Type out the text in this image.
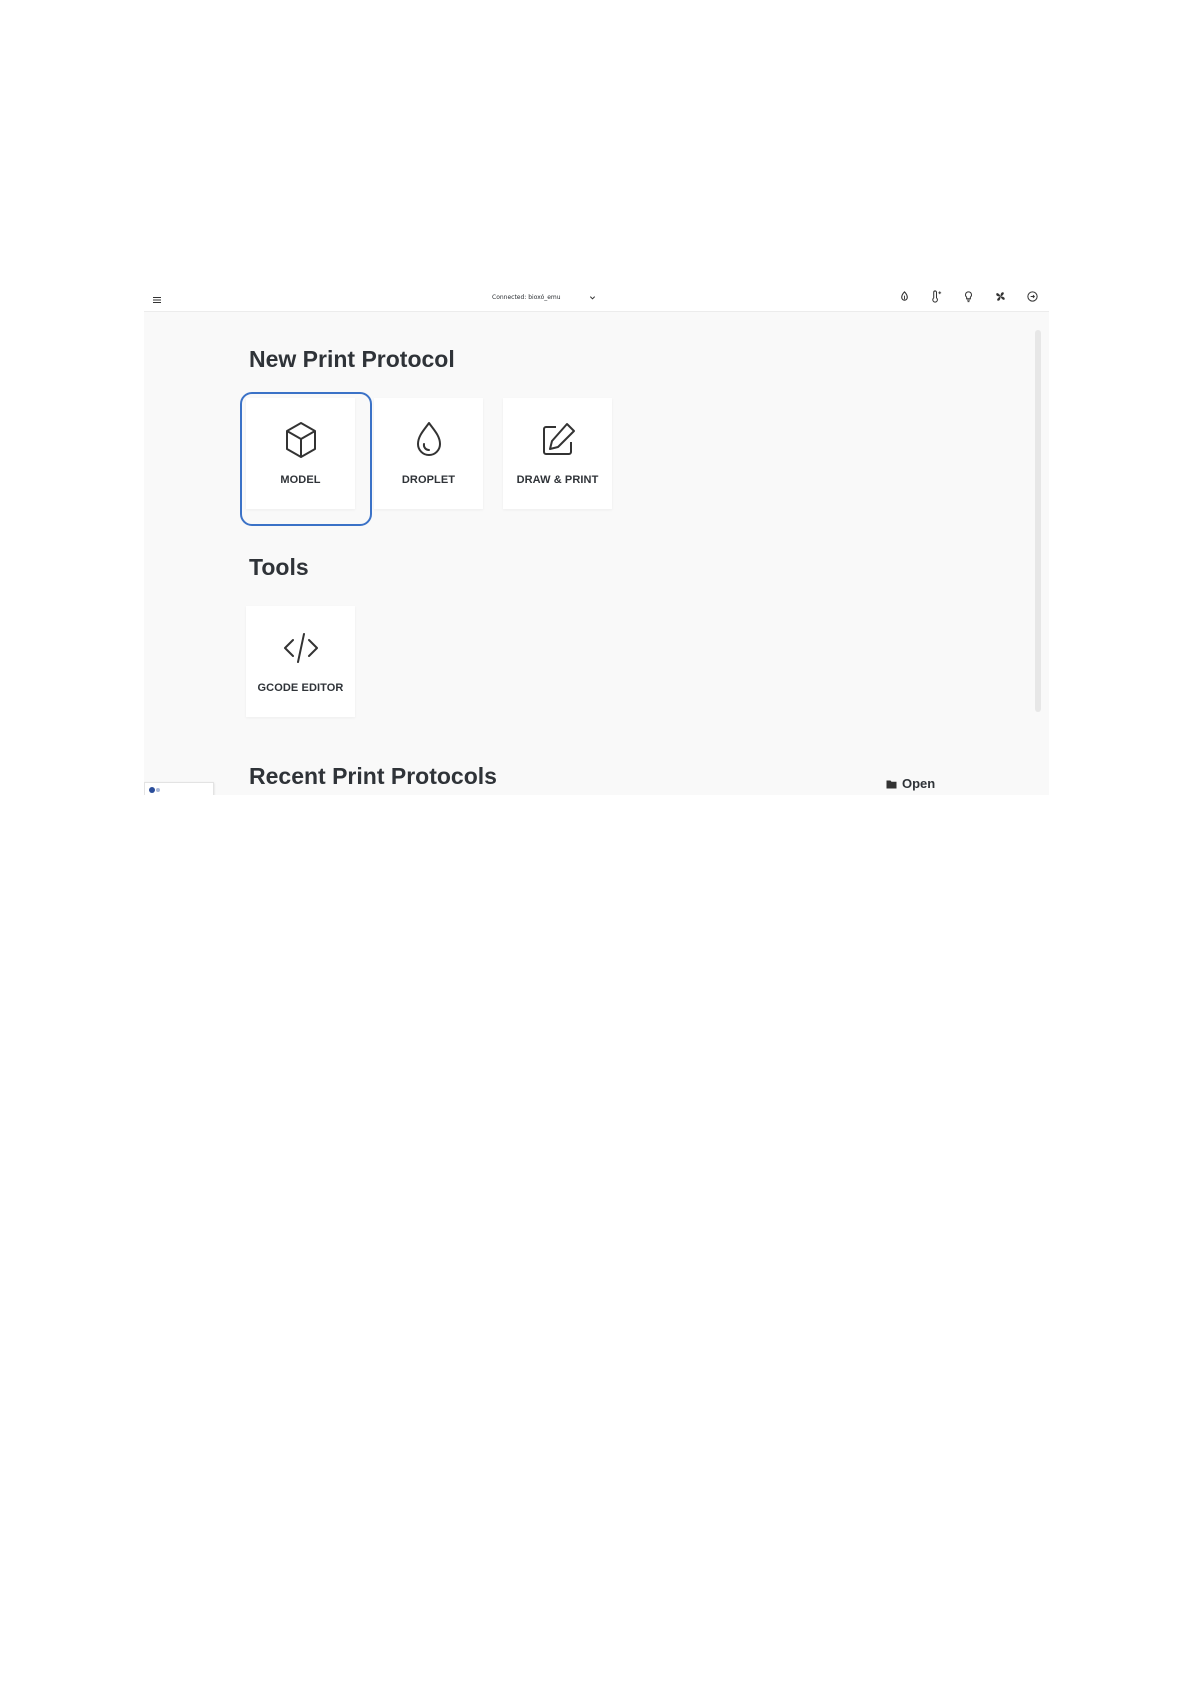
Connected: bioxó_emu
New Print Protocol
MODEL	DROPLET	DRAW & PRINT
Tools
GCODE EDITOR
Recent Print Protocols	Open
